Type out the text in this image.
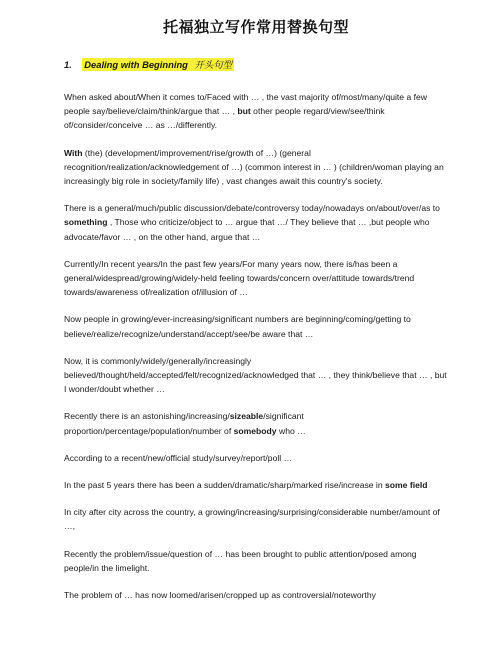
托福独立写作常用替换句型
1. Dealing with Beginning 开头句型

When asked about/When it comes to/Faced with … , the vast majority of/most/many/quite a few people say/believe/claim/think/argue that … , but other people regard/view/see/think of/consider/conceive … as …/differently.

With (the) (development/improvement/rise/growth of …) (general recognition/realization/acknowledgement of …) (common interest in … ) (children/woman playing an increasingly big role in society/family life) , vast changes await this country's society.

There is a general/much/public discussion/debate/controversy today/nowadays on/about/over/as to something , Those who criticize/object to … argue that …/ They believe that … ,but people who advocate/favor … , on the other hand, argue that …

Currently/In recent years/In the past few years/For many years now, there is/has been a general/widespread/growing/widely-held feeling towards/concern over/attitude towards/trend towards/awareness of/realization of/illusion of …

Now people in growing/ever-increasing/significant numbers are beginning/coming/getting to believe/realize/recognize/understand/accept/see/be aware that …

Now, it is commonly/widely/generally/increasingly believed/thought/held/accepted/felt/recognized/acknowledged that … , they think/believe that … , but I wonder/doubt whether …

Recently there is an astonishing/increasing/sizeable/significant proportion/percentage/population/number of somebody who …

According to a recent/new/official study/survey/report/poll …

In the past 5 years there has been a sudden/dramatic/sharp/marked rise/increase in some field

In city after city across the country, a growing/increasing/surprising/considerable number/amount of …,

Recently the problem/issue/question of … has been brought to public attention/posed among people/in the limelight.

The problem of … has now loomed/arisen/cropped up as controversial/noteworthy
